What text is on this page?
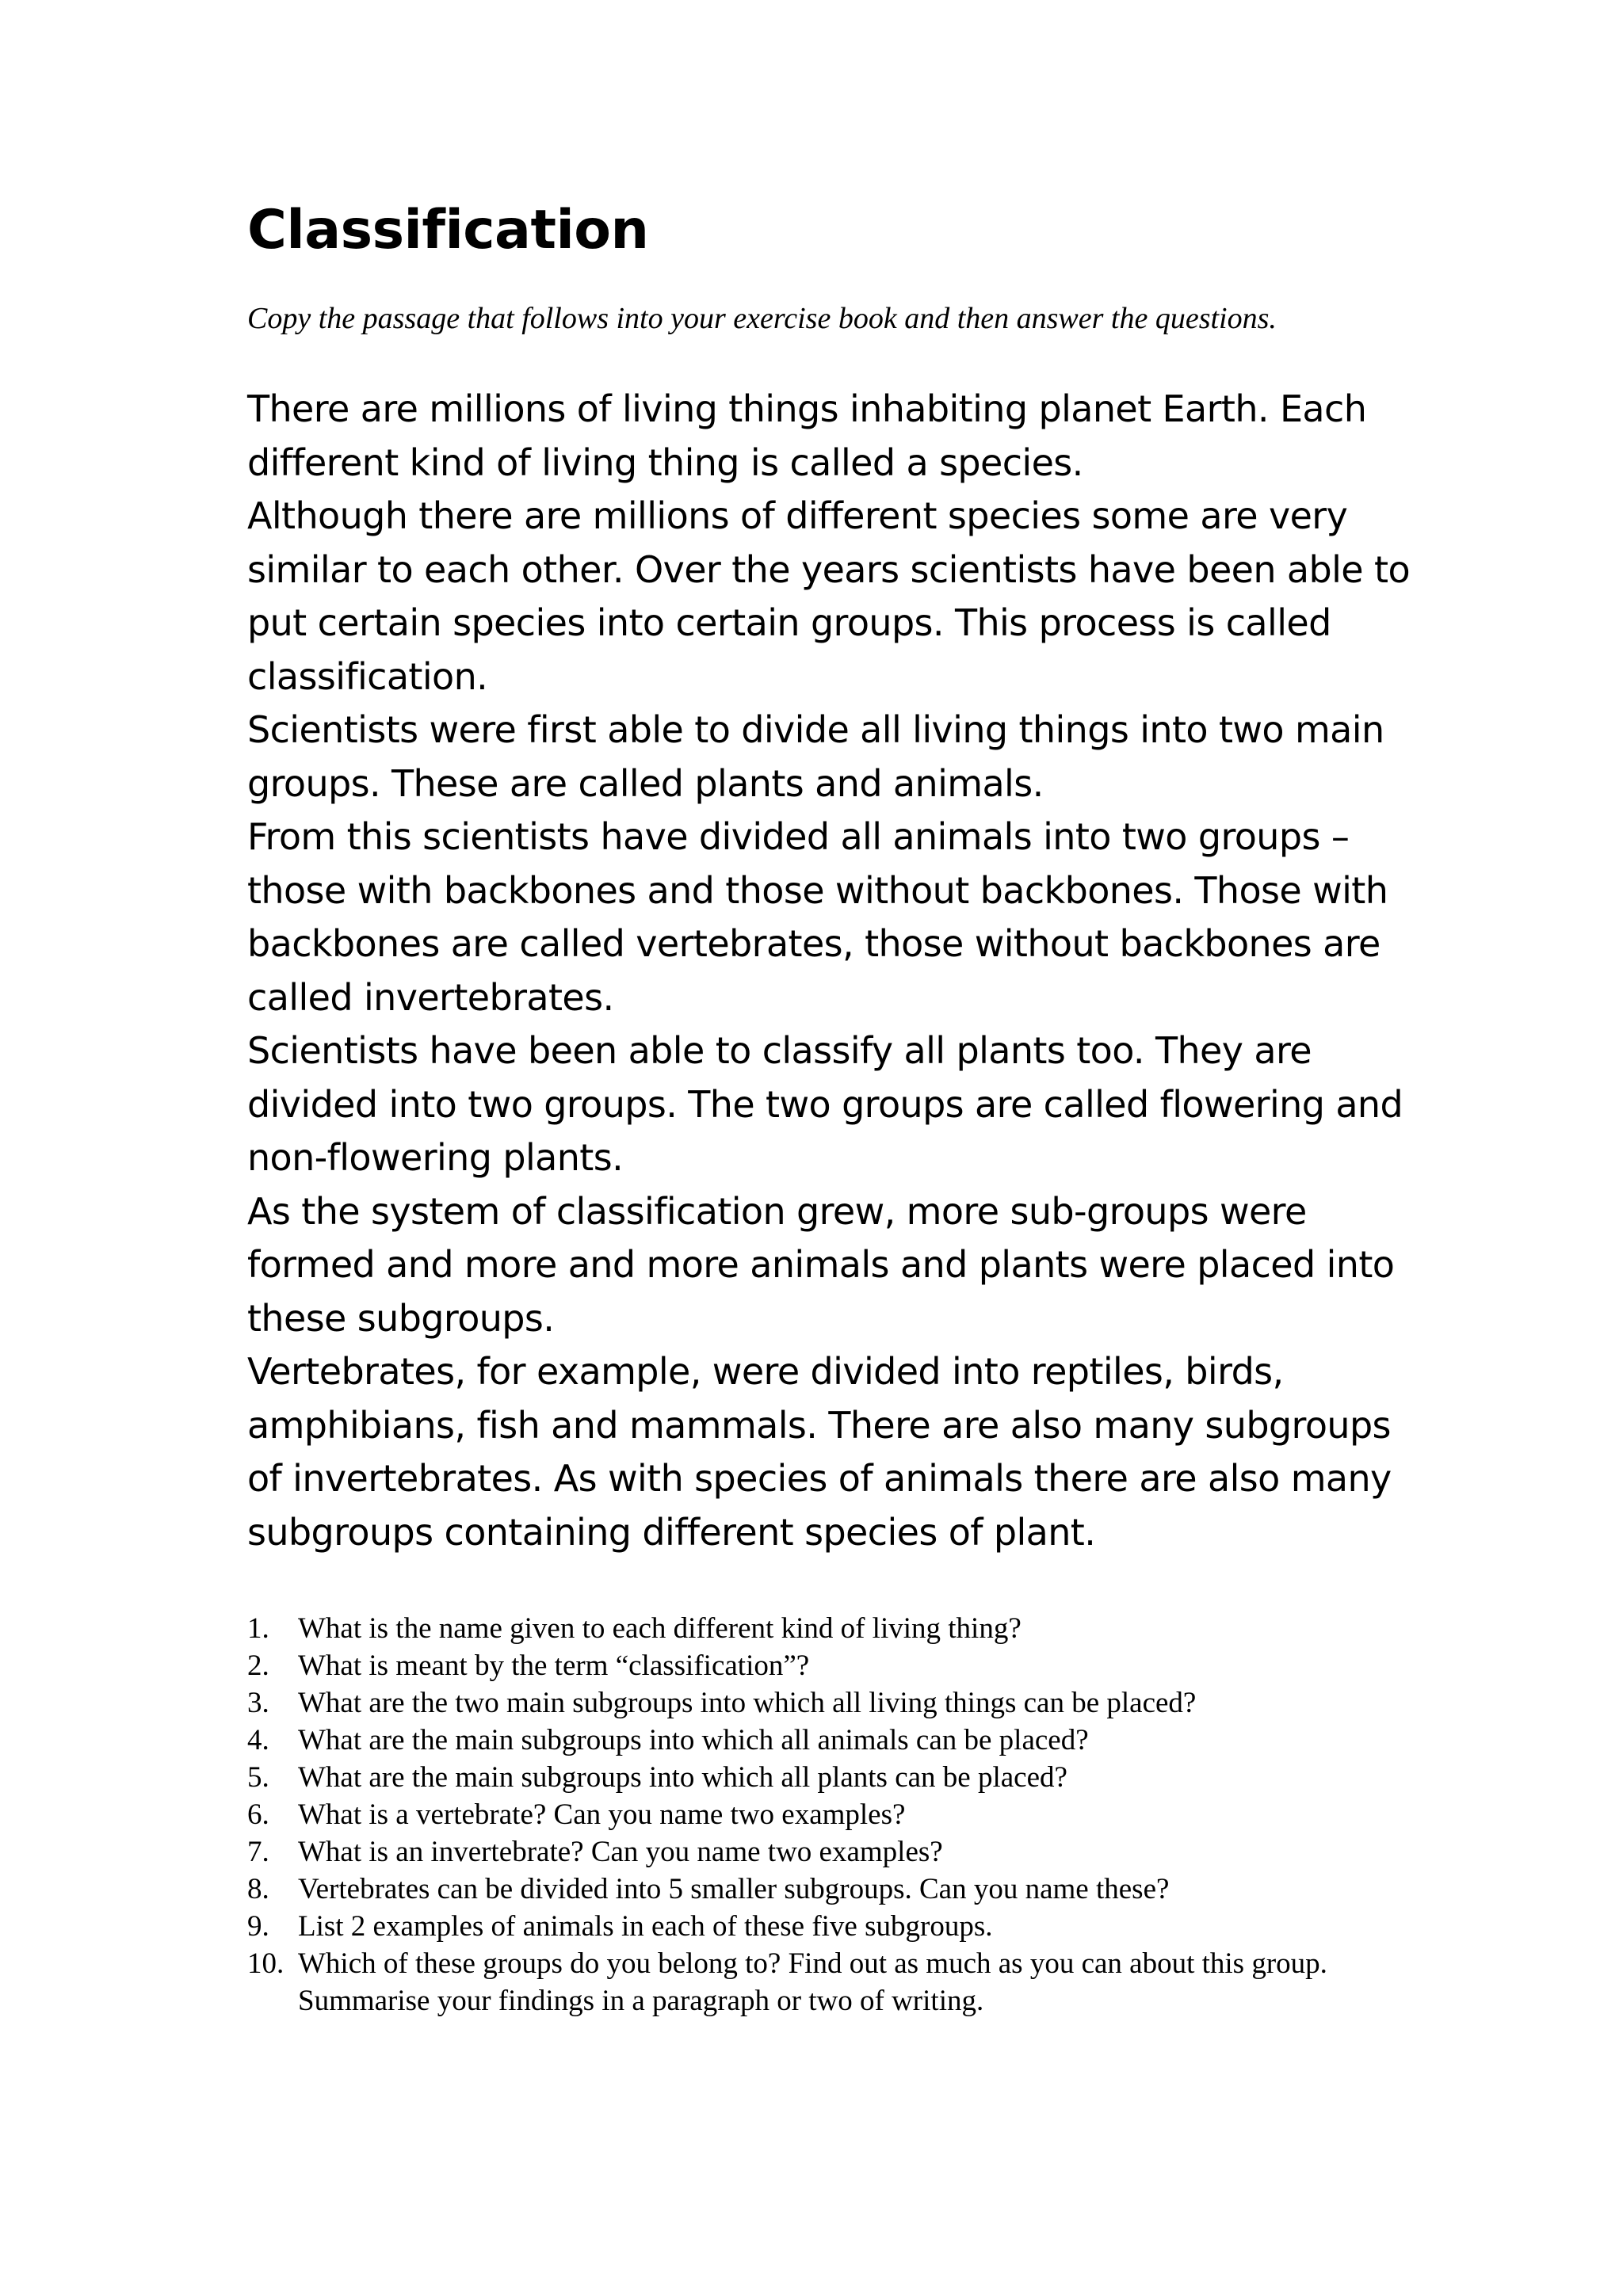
Classification

Copy the passage that follows into your exercise book and then answer the questions.

There are millions of living things inhabiting planet Earth. Each different kind of living thing is called a species.

Although there are millions of different species some are very similar to each other. Over the years scientists have been able to put certain species into certain groups. This process is called classification.

Scientists were first able to divide all living things into two main groups. These are called plants and animals.

From this scientists have divided all animals into two groups – those with backbones and those without backbones. Those with backbones are called vertebrates, those without backbones are called invertebrates.

Scientists have been able to classify all plants too. They are divided into two groups. The two groups are called flowering and non-flowering plants.

As the system of classification grew, more sub-groups were formed and more and more animals and plants were placed into these subgroups.

Vertebrates, for example, were divided into reptiles, birds, amphibians, fish and mammals. There are also many subgroups of invertebrates. As with species of animals there are also many subgroups containing different species of plant.

1. What is the name given to each different kind of living thing?
2. What is meant by the term “classification”?
3. What are the two main subgroups into which all living things can be placed?
4. What are the main subgroups into which all animals can be placed?
5. What are the main subgroups into which all plants can be placed?
6. What is a vertebrate? Can you name two examples?
7. What is an invertebrate? Can you name two examples?
8. Vertebrates can be divided into 5 smaller subgroups. Can you name these?
9. List 2 examples of animals in each of these five subgroups.
10. Which of these groups do you belong to? Find out as much as you can about this group. Summarise your findings in a paragraph or two of writing.
